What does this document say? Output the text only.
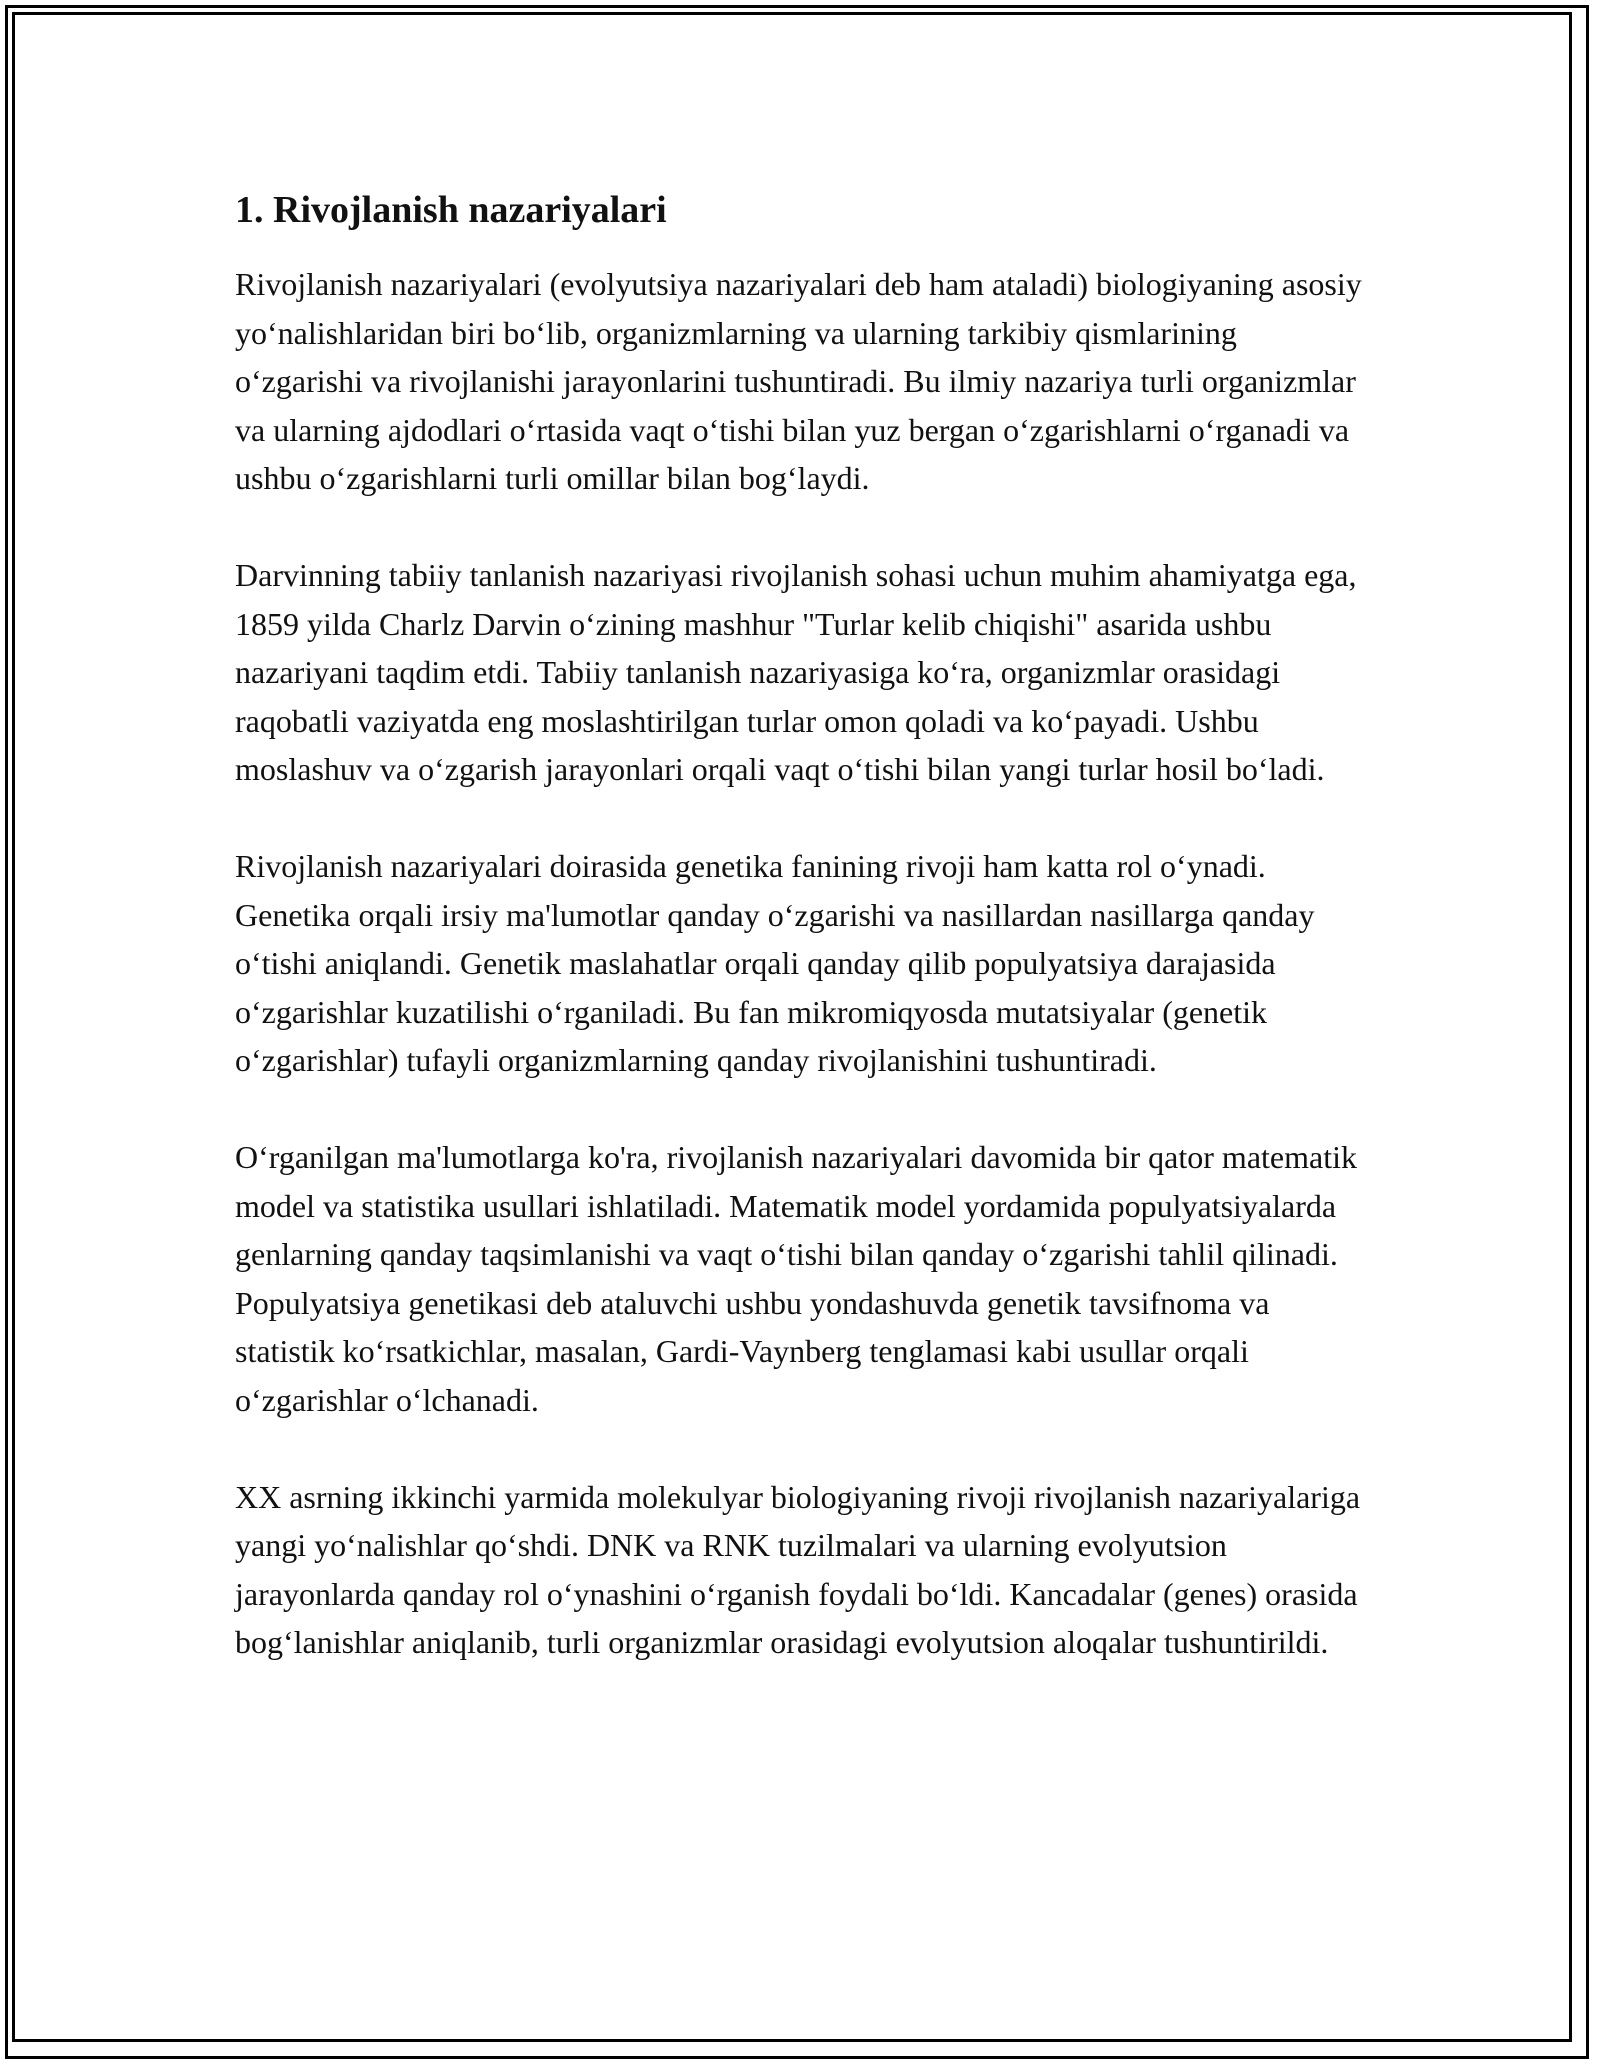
1. Rivojlanish nazariyalari

Rivojlanish nazariyalari (evolyutsiya nazariyalari deb ham ataladi) biologiyaning asosiy yo‘nalishlaridan biri bo‘lib, organizmlarning va ularning tarkibiy qismlarining o‘zgarishi va rivojlanishi jarayonlarini tushuntiradi. Bu ilmiy nazariya turli organizmlar va ularning ajdodlari o‘rtasida vaqt o‘tishi bilan yuz bergan o‘zgarishlarni o‘rganadi va ushbu o‘zgarishlarni turli omillar bilan bog‘laydi.

Darvinning tabiiy tanlanish nazariyasi rivojlanish sohasi uchun muhim ahamiyatga ega, 1859 yilda Charlz Darvin o‘zining mashhur "Turlar kelib chiqishi" asarida ushbu nazariyani taqdim etdi. Tabiiy tanlanish nazariyasiga ko‘ra, organizmlar orasidagi raqobatli vaziyatda eng moslashtirilgan turlar omon qoladi va ko‘payadi. Ushbu moslashuv va o‘zgarish jarayonlari orqali vaqt o‘tishi bilan yangi turlar hosil bo‘ladi.

Rivojlanish nazariyalari doirasida genetika fanining rivoji ham katta rol o‘ynadi. Genetika orqali irsiy ma'lumotlar qanday o‘zgarishi va nasillardan nasillarga qanday o‘tishi aniqlandi. Genetik maslahatlar orqali qanday qilib populyatsiya darajasida o‘zgarishlar kuzatilishi o‘rganiladi. Bu fan mikromiqyosda mutatsiyalar (genetik o‘zgarishlar) tufayli organizmlarning qanday rivojlanishini tushuntiradi.

O‘rganilgan ma'lumotlarga ko'ra, rivojlanish nazariyalari davomida bir qator matematik model va statistika usullari ishlatiladi. Matematik model yordamida populyatsiyalarda genlarning qanday taqsimlanishi va vaqt o‘tishi bilan qanday o‘zgarishi tahlil qilinadi. Populyatsiya genetikasi deb ataluvchi ushbu yondashuvda genetik tavsifnoma va statistik ko‘rsatkichlar, masalan, Gardi-Vaynberg tenglamasi kabi usullar orqali o‘zgarishlar o‘lchanadi.

XX asrning ikkinchi yarmida molekulyar biologiyaning rivoji rivojlanish nazariyalariga yangi yo‘nalishlar qo‘shdi. DNK va RNK tuzilmalari va ularning evolyutsion jarayonlarda qanday rol o‘ynashini o‘rganish foydali bo‘ldi. Kancadalar (genes) orasida bog‘lanishlar aniqlanib, turli organizmlar orasidagi evolyutsion aloqalar tushuntirildi.
